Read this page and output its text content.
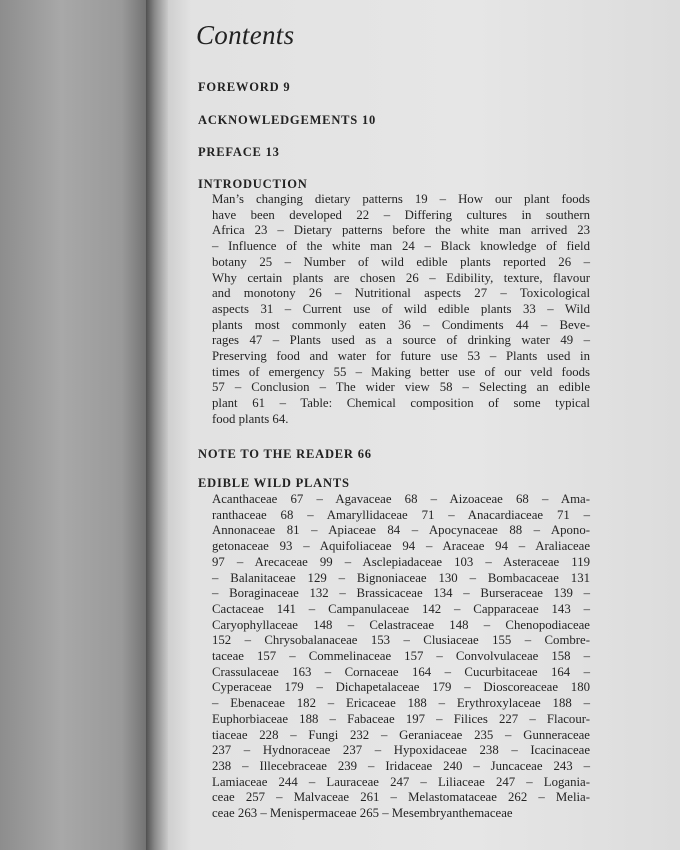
Contents
FOREWORD 9
ACKNOWLEDGEMENTS 10
PREFACE 13
INTRODUCTION
Man’s changing dietary patterns 19 – How our plant foods
have been developed 22 – Differing cultures in southern
Africa 23 – Dietary patterns before the white man arrived 23
– Influence of the white man 24 – Black knowledge of field
botany 25 – Number of wild edible plants reported 26 –
Why certain plants are chosen 26 – Edibility, texture, flavour
and monotony 26 – Nutritional aspects 27 – Toxicological
aspects 31 – Current use of wild edible plants 33 – Wild
plants most commonly eaten 36 – Condiments 44 – Beve-
rages 47 – Plants used as a source of drinking water 49 –
Preserving food and water for future use 53 – Plants used in
times of emergency 55 – Making better use of our veld foods
57 – Conclusion – The wider view 58 – Selecting an edible
plant 61 – Table: Chemical composition of some typical
food plants 64.
NOTE TO THE READER 66
EDIBLE WILD PLANTS
Acanthaceae 67 – Agavaceae 68 – Aizoaceae 68 – Ama-
ranthaceae 68 – Amaryllidaceae 71 – Anacardiaceae 71 –
Annonaceae 81 – Apiaceae 84 – Apocynaceae 88 – Apono-
getonaceae 93 – Aquifoliaceae 94 – Araceae 94 – Araliaceae
97 – Arecaceae 99 – Asclepiadaceae 103 – Asteraceae 119
– Balanitaceae 129 – Bignoniaceae 130 – Bombacaceae 131
– Boraginaceae 132 – Brassicaceae 134 – Burseraceae 139 –
Cactaceae 141 – Campanulaceae 142 – Capparaceae 143 –
Caryophyllaceae 148 – Celastraceae 148 – Chenopodiaceae
152 – Chrysobalanaceae 153 – Clusiaceae 155 – Combre-
taceae 157 – Commelinaceae 157 – Convolvulaceae 158 –
Crassulaceae 163 – Cornaceae 164 – Cucurbitaceae 164 –
Cyperaceae 179 – Dichapetalaceae 179 – Dioscoreaceae 180
– Ebenaceae 182 – Ericaceae 188 – Erythroxylaceae 188 –
Euphorbiaceae 188 – Fabaceae 197 – Filices 227 – Flacour-
tiaceae 228 – Fungi 232 – Geraniaceae 235 – Gunneraceae
237 – Hydnoraceae 237 – Hypoxidaceae 238 – Icacinaceae
238 – Illecebraceae 239 – Iridaceae 240 – Juncaceae 243 –
Lamiaceae 244 – Lauraceae 247 – Liliaceae 247 – Logania-
ceae 257 – Malvaceae 261 – Melastomataceae 262 – Melia-
ceae 263 – Menispermaceae 265 – Mesembryanthemaceae
